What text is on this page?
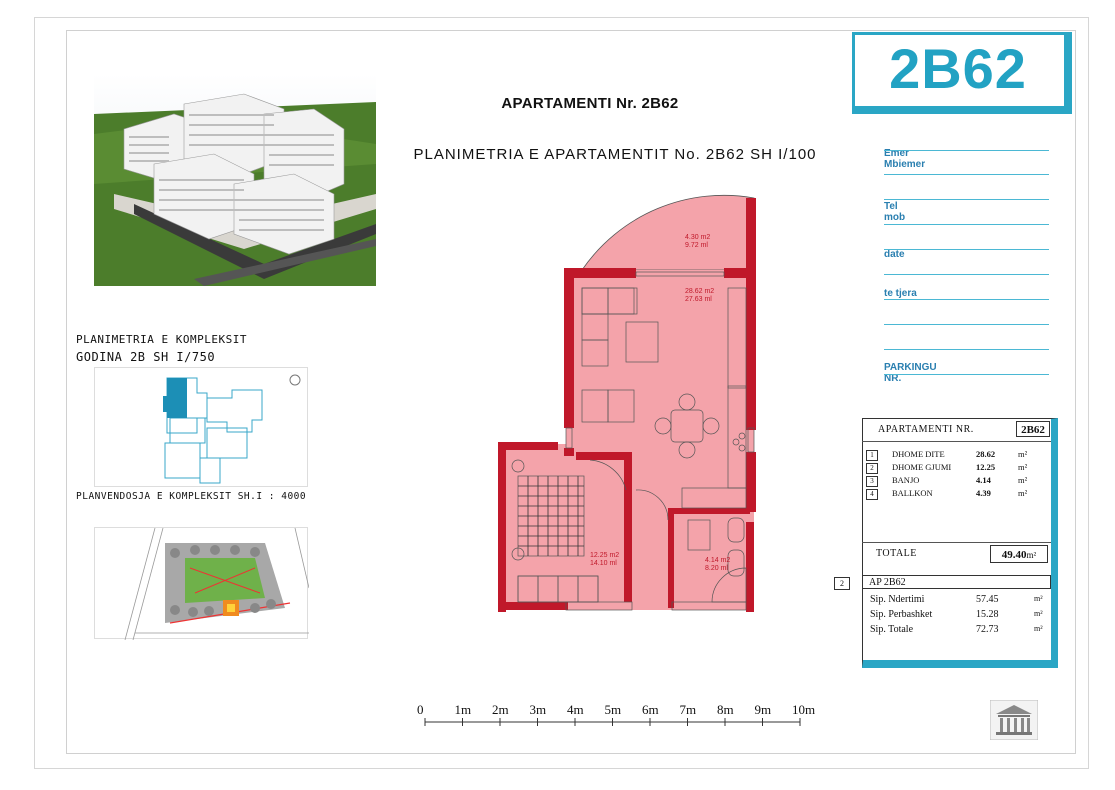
APARTAMENTI Nr. 2B62
PLANIMETRIA E APARTAMENTIT No. 2B62 SH I/100
PLANIMETRIA E KOMPLEKSIT
GODINA 2B SH I/750
PLANVENDOSJA E KOMPLEKSIT SH.I : 4000
4.30 m2
9.72 ml
28.62 m2
27.63 ml
12.25 m2
14.10 ml	4.14 m2
8.20 ml
2B62
Emer
Mbiemer
Tel
mob
date
te tjera
PARKINGU
NR.
APARTAMENTI NR.	2B62
1	DHOME DITE	28.62	m²
2	DHOME GJUMI	12.25	m²
3	BANJO	4.14	m²
4	BALLKON	4.39	m²
TOTALE	49.40m²
2	AP 2B62
Sip. Ndertimi	57.45	m²
Sip. Perbashket	15.28	m²
Sip. Totale	72.73	m²
0 1m 2m 3m 4m 5m 6m 7m 8m 9m 10m
